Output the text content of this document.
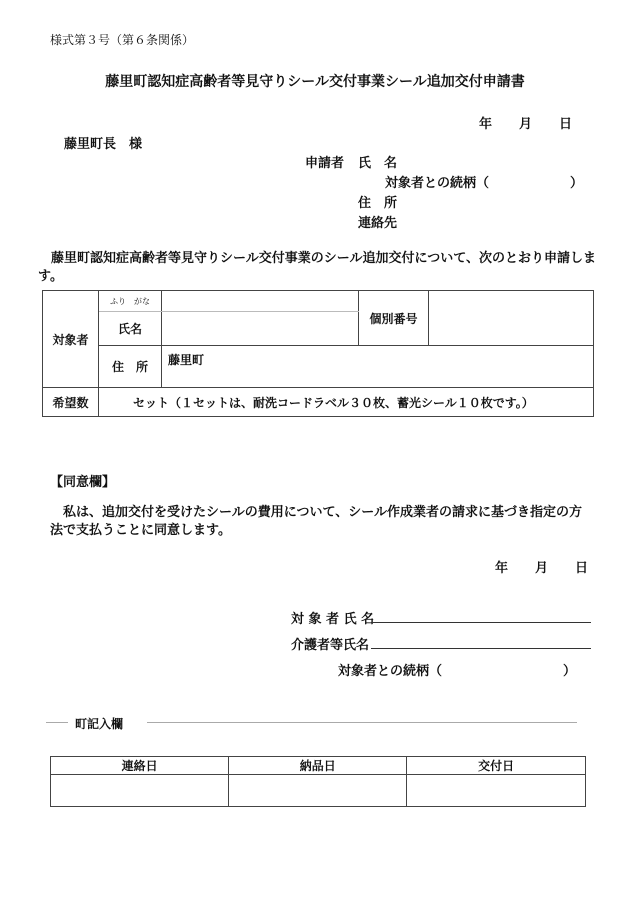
様式第３号（第６条関係）
藤里町認知症高齢者等見守りシール交付事業シール追加交付申請書
年 月 日
藤里町長　様
申請者 氏　名
対象者との続柄（	）
住　所
連絡先
藤里町認知症高齢者等見守りシール交付事業のシール追加交付について、次のとおり申請します。
対象者	ふり　がな		個別番号	
	氏名			
	住　所	藤里町		
希望数	セット（１セットは、耐洗コードラベル３０枚、蓄光シール１０枚です。）			
【同意欄】
私は、追加交付を受けたシールの費用について、シール作成業者の請求に基づき指定の方法で支払うことに同意します。
年 月 日
対 象 者 氏 名
介護者等氏名
対象者との続柄（	）
町記入欄
連絡日	納品日	交付日
